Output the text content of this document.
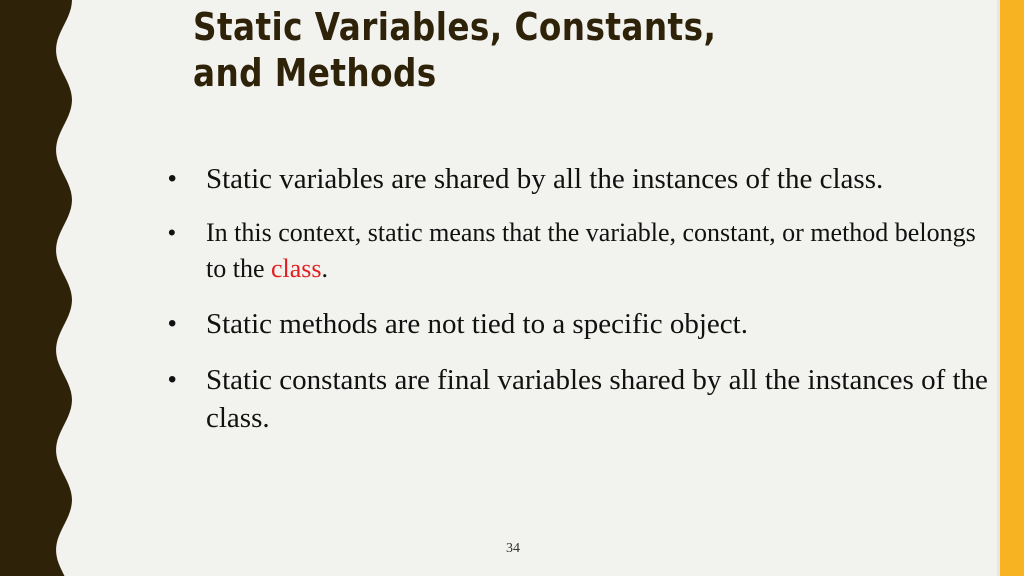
Static Variables, Constants,
and Methods
• Static variables are shared by all the instances of the class.
• In this context, static means that the variable, constant, or method belongs to the class.
• Static methods are not tied to a specific object.
• Static constants are final variables shared by all the instances of the class.
34
